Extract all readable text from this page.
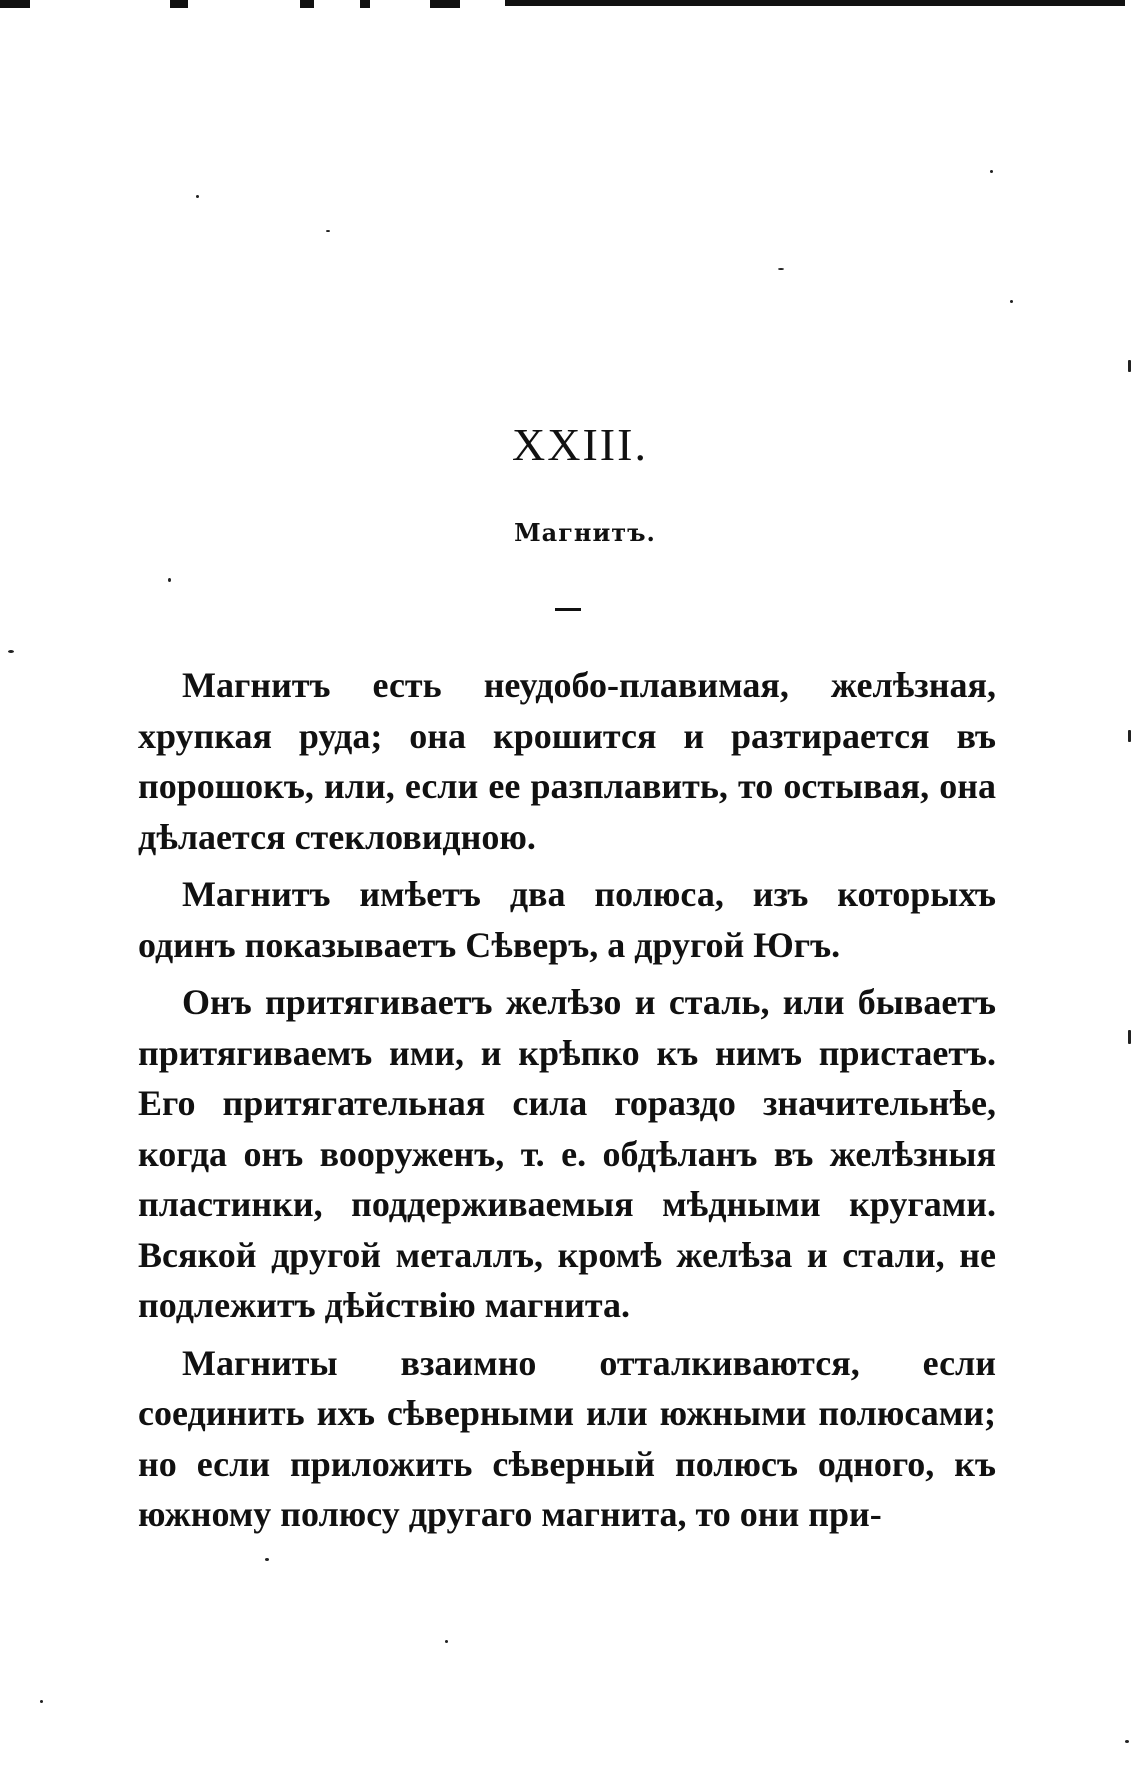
XXIII.
Магнитъ.

Магнитъ есть неудобо-плавимая, желѣзная, хрупкая руда; она крошится и разтирается въ порошокъ, или, если ее разплавить, то остывая, она дѣлается стекловидною.

Магнитъ имѣетъ два полюса, изъ которыхъ одинъ показываетъ Сѣверъ, а другой Югъ.

Онъ притягиваетъ желѣзо и сталь, или бываетъ притягиваемъ ими, и крѣпко къ нимъ пристаетъ. Его притягательная сила гораздо значительнѣе, когда онъ вооруженъ, т. е. обдѣланъ въ желѣзныя пластинки, поддерживаемыя мѣдными кругами. Всякой другой металлъ, кромѣ желѣза и стали, не подлежитъ дѣйствiю магнита.

Магниты взаимно отталкиваются, если соединить ихъ сѣверными или южными полюсами; но если приложить сѣверный полюсъ одного, къ южному полюсу другаго магнита, то они при-
